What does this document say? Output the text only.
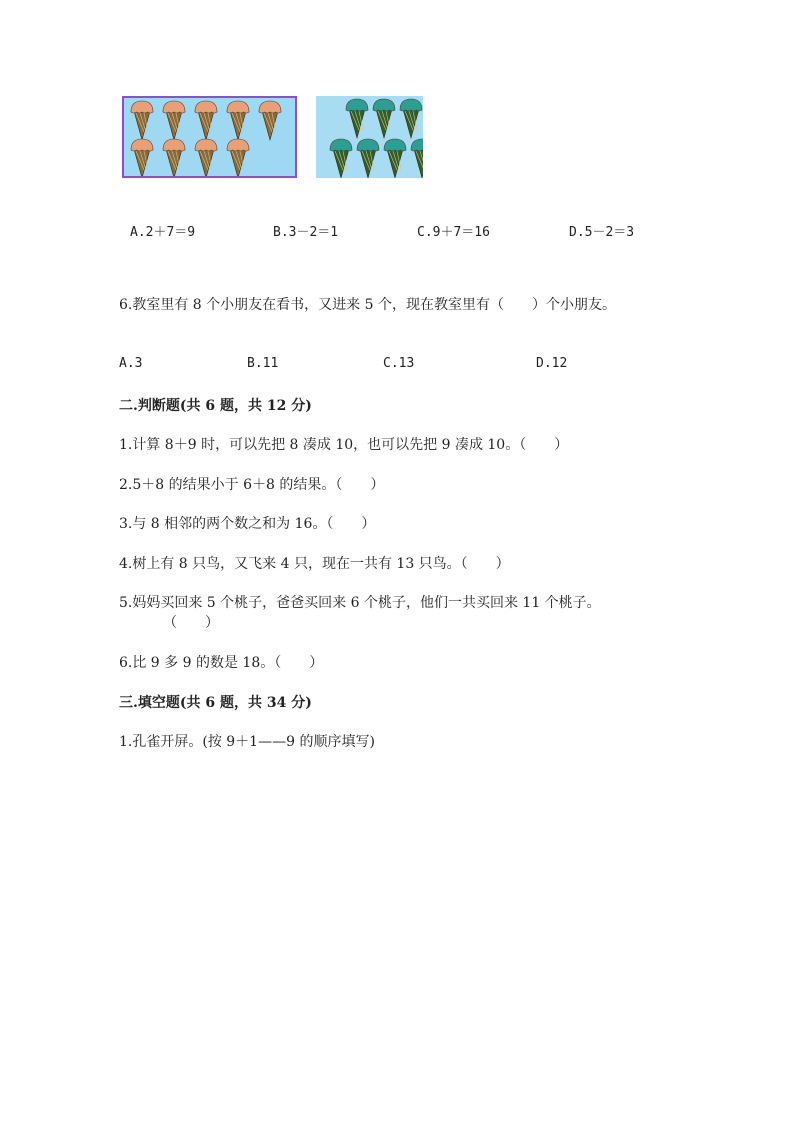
A.2＋7＝9	B.3－2＝1	C.9＋7＝16	D.5－2＝3
6.教室里有 8 个小朋友在看书，又进来 5 个，现在教室里有（　　）个小朋友。
A.3	B.11	C.13	D.12
二.判断题(共 6 题，共 12 分)
1.计算 8＋9 时，可以先把 8 凑成 10，也可以先把 9 凑成 10。（　　）
2.5＋8 的结果小于 6＋8 的结果。（　　）
3.与 8 相邻的两个数之和为 16。（　　）
4.树上有 8 只鸟，又飞来 4 只，现在一共有 13 只鸟。（　　）
5.妈妈买回来 5 个桃子，爸爸买回来 6 个桃子，他们一共买回来 11 个桃子。
（　　）
6.比 9 多 9 的数是 18。（　　）
三.填空题(共 6 题，共 34 分)
1.孔雀开屏。(按 9＋1——9 的顺序填写)
